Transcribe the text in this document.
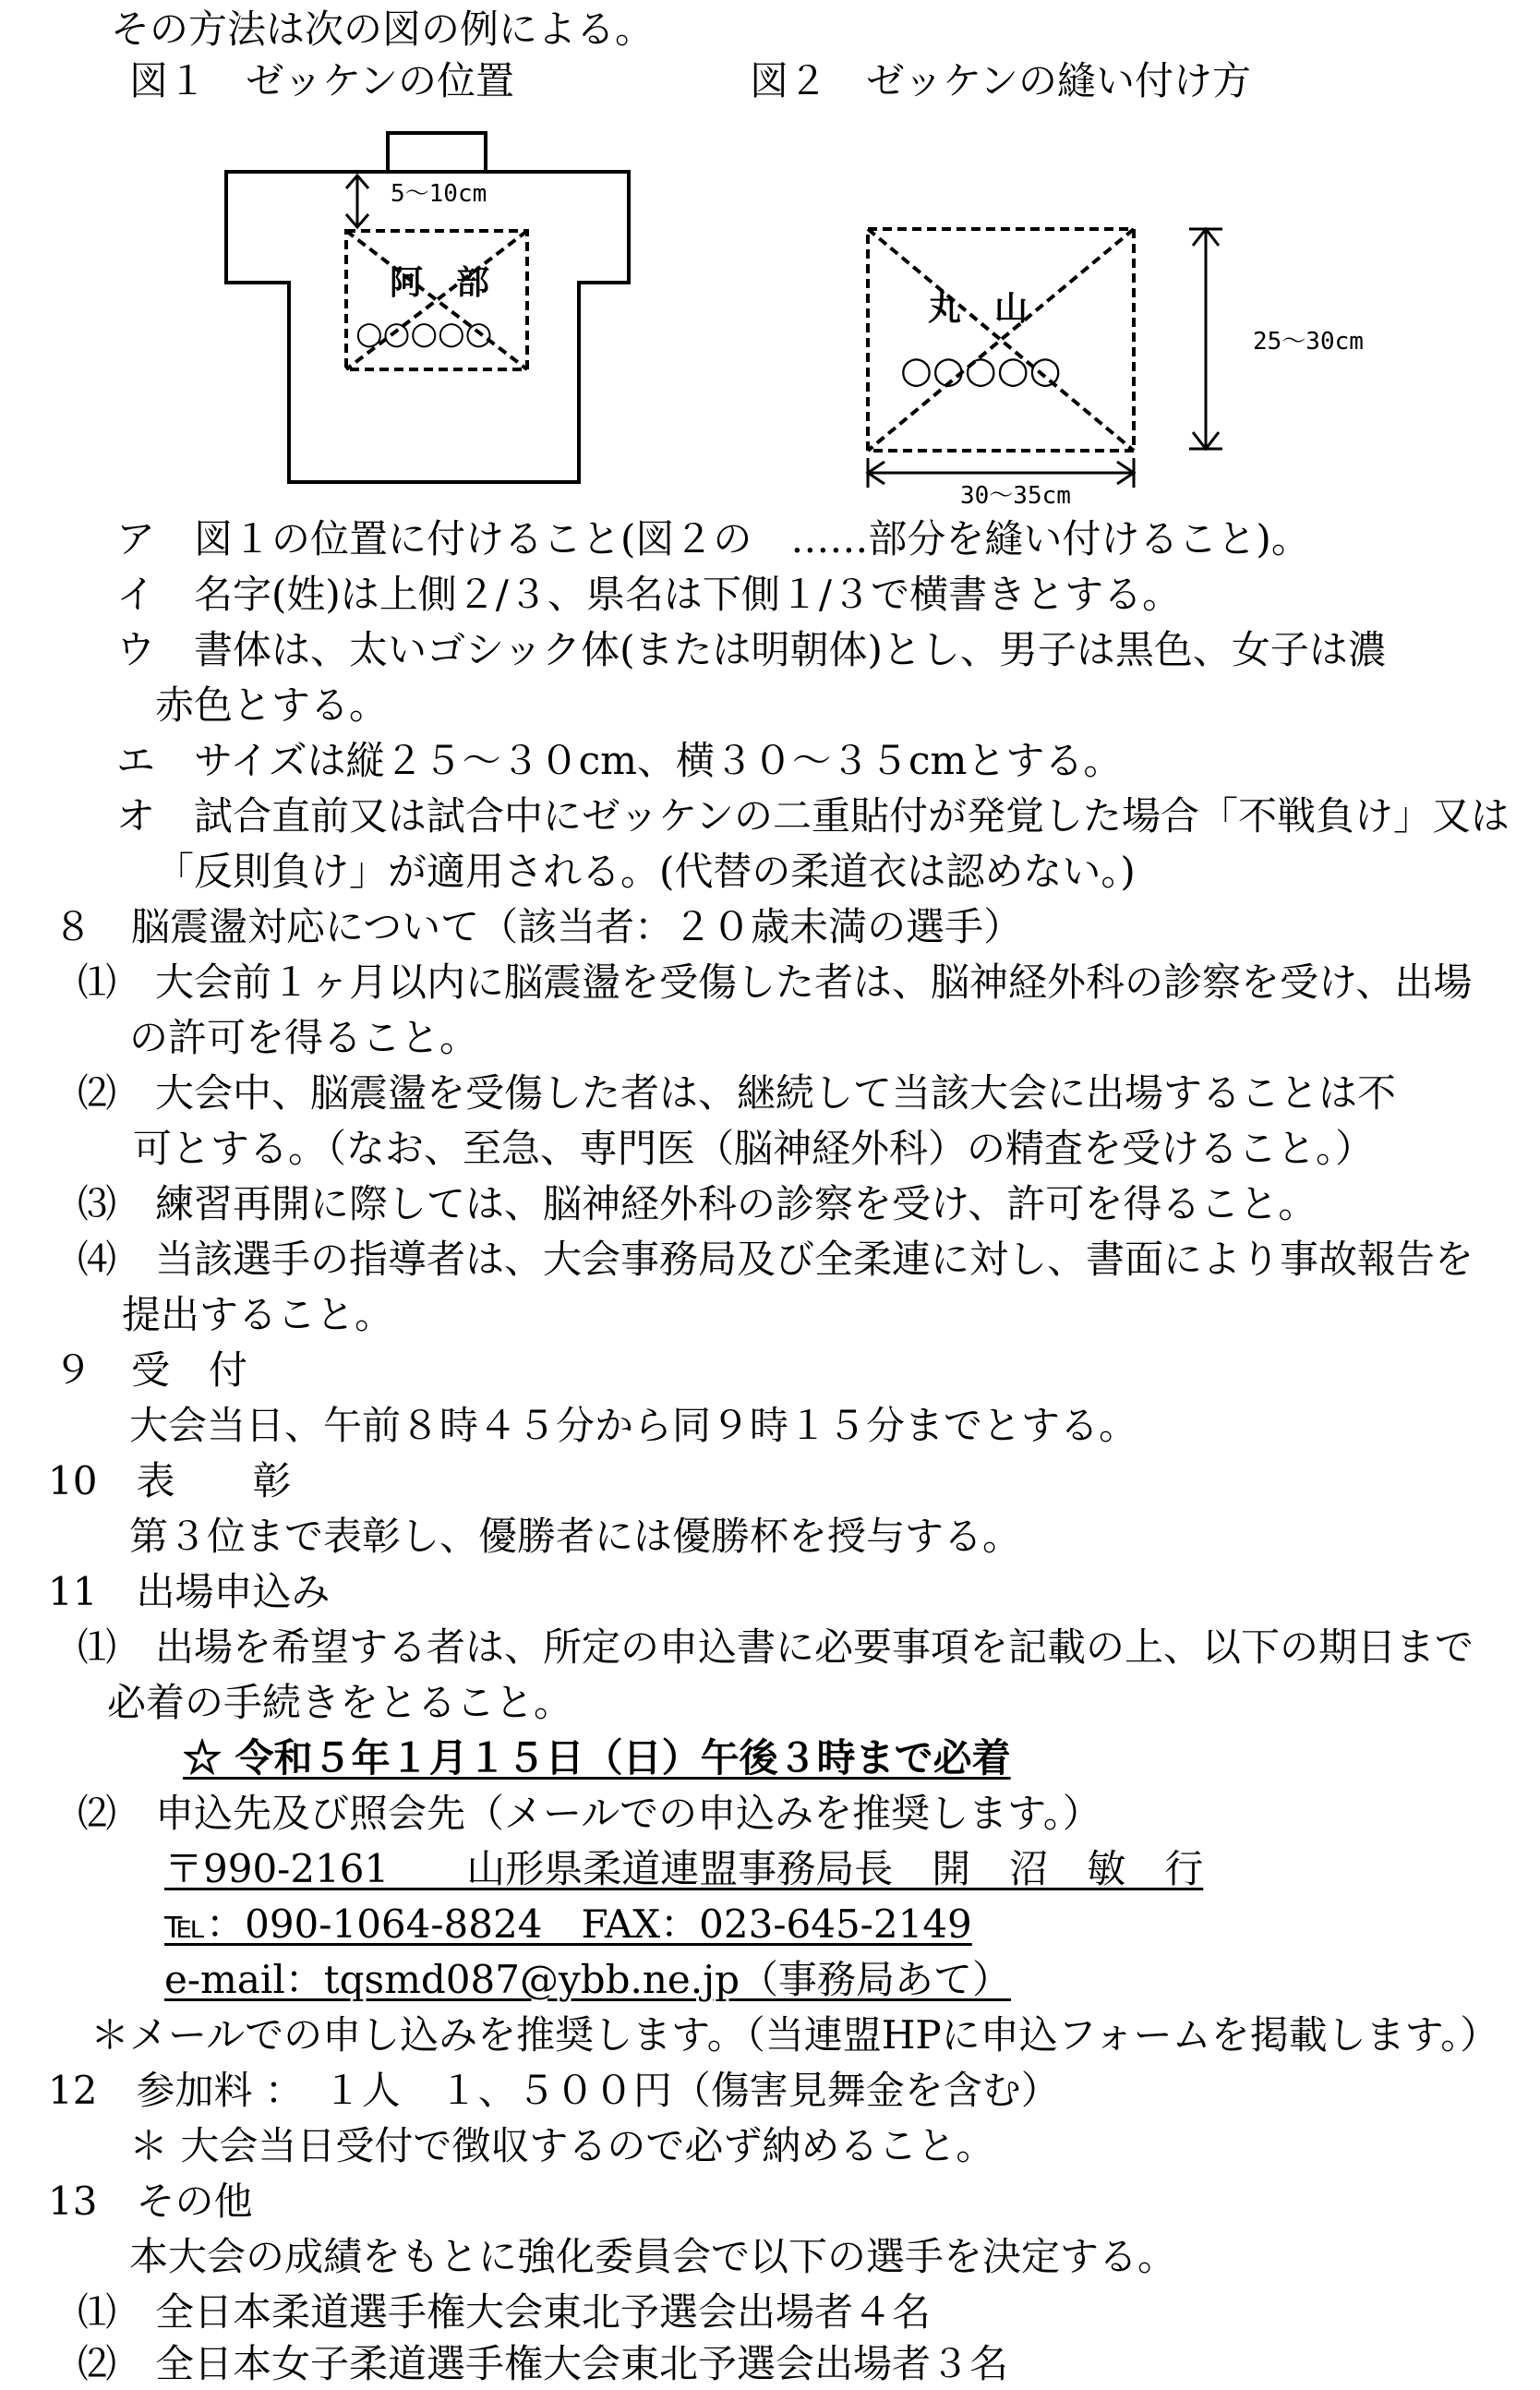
その方法は次の図の例による。
図１　ゼッケンの位置	図２　ゼッケンの縫い付け方
5〜10cm
阿　部
○○○○○
丸　山
○○○○○
25〜30cm
30〜35cm
ア　図１の位置に付けること(図２の　‥‥‥部分を縫い付けること)。
イ　名字(姓)は上側２/３、県名は下側１/３で横書きとする。
ウ　書体は、太いゴシック体(または明朝体)とし、男子は黒色、女子は濃
赤色とする。
エ　サイズは縦２５〜３０cm、横３０〜３５cmとする。
オ　試合直前又は試合中にゼッケンの二重貼付が発覚した場合「不戦負け」又は
「反則負け」が適用される。(代替の柔道衣は認めない。)
８　脳震盪対応について（該当者：２０歳未満の選手）
⑴　大会前１ヶ月以内に脳震盪を受傷した者は、脳神経外科の診察を受け、出場
の許可を得ること。
⑵　大会中、脳震盪を受傷した者は、継続して当該大会に出場することは不
可とする。（なお、至急、専門医（脳神経外科）の精査を受けること。）
⑶　練習再開に際しては、脳神経外科の診察を受け、許可を得ること。
⑷　当該選手の指導者は、大会事務局及び全柔連に対し、書面により事故報告を
提出すること。
９　受　付
大会当日、午前８時４５分から同９時１５分までとする。
10　表　　彰
第３位まで表彰し、優勝者には優勝杯を授与する。
11　出場申込み
⑴　出場を希望する者は、所定の申込書に必要事項を記載の上、以下の期日まで
必着の手続きをとること。
☆ 令和５年１月１５日（日）午後３時まで必着
⑵　申込先及び照会先（メールでの申込みを推奨します。）
〒990-2161　　山形県柔道連盟事務局長　開　沼　敏　行
℡：090-1064-8824　FAX：023-645-2149
e-mail：tqsmd087@ybb.ne.jp（事務局あて）
＊メールでの申し込みを推奨します。（当連盟HPに申込フォームを掲載します。）
12　参加料 ：　１人　１、５００円（傷害見舞金を含む）
＊ 大会当日受付で徴収するので必ず納めること。
13　その他
本大会の成績をもとに強化委員会で以下の選手を決定する。
⑴　全日本柔道選手権大会東北予選会出場者４名
⑵　全日本女子柔道選手権大会東北予選会出場者３名
